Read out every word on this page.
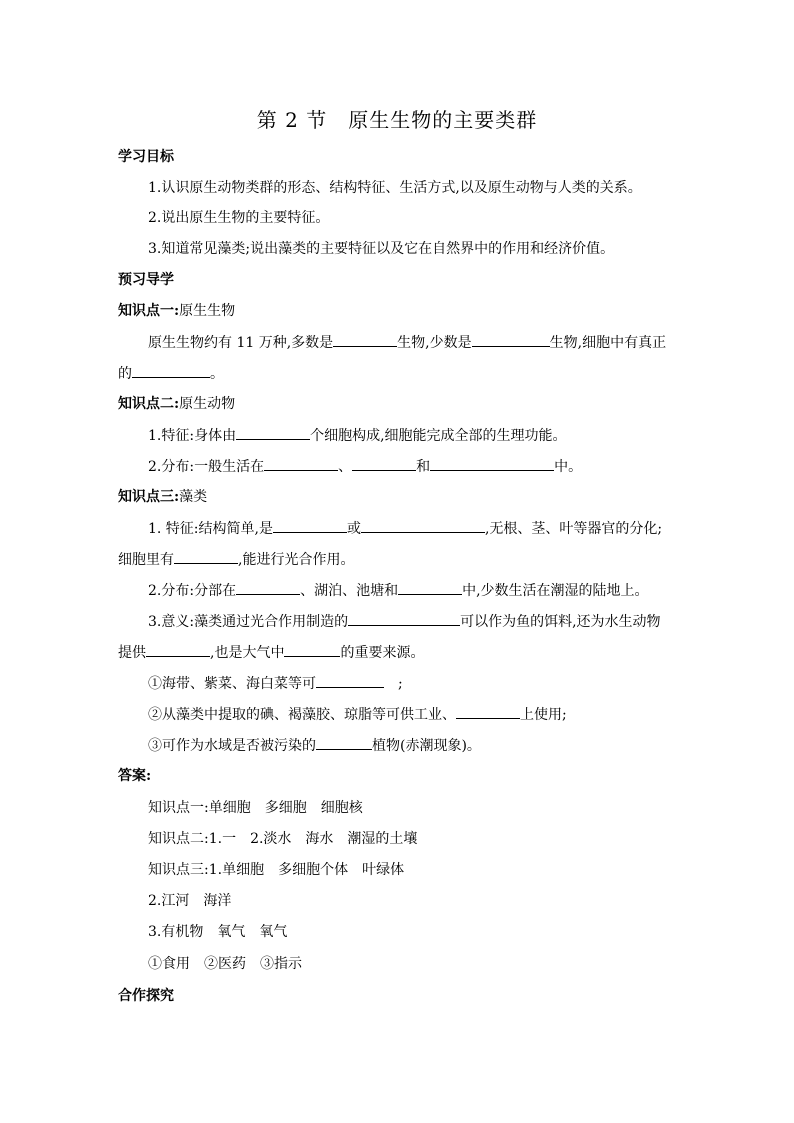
第 2 节　原生生物的主要类群
学习目标
1.认识原生动物类群的形态、结构特征、生活方式,以及原生动物与人类的关系。
2.说出原生生物的主要特征。
3.知道常见藻类;说出藻类的主要特征以及它在自然界中的作用和经济价值。
预习导学
知识点一:原生生物
原生生物约有 11 万种,多数是	生物,少数是	生物,细胞中有真正
的	。
知识点二:原生动物
1.特征:身体由	个细胞构成,细胞能完成全部的生理功能。
2.分布:一般生活在	、	和	中。
知识点三:藻类
1. 特征:结构简单,是	或	,无根、茎、叶等器官的分化;
细胞里有	,能进行光合作用。
2.分布:分部在	、湖泊、池塘和	中,少数生活在潮湿的陆地上。
3.意义:藻类通过光合作用制造的	可以作为鱼的饵料,还为水生动物
提供	,也是大气中	的重要来源。
①海带、紫菜、海白菜等可	　;
②从藻类中提取的碘、褐藻胶、琼脂等可供工业、	上使用;
③可作为水域是否被污染的	植物(赤潮现象)。
答案:
知识点一:单细胞　多细胞　细胞核
知识点二:1.一　2.淡水　海水　潮湿的土壤
知识点三:1.单细胞　多细胞个体　叶绿体
2.江河　海洋
3.有机物　氧气　氧气
①食用　②医药　③指示
合作探究
